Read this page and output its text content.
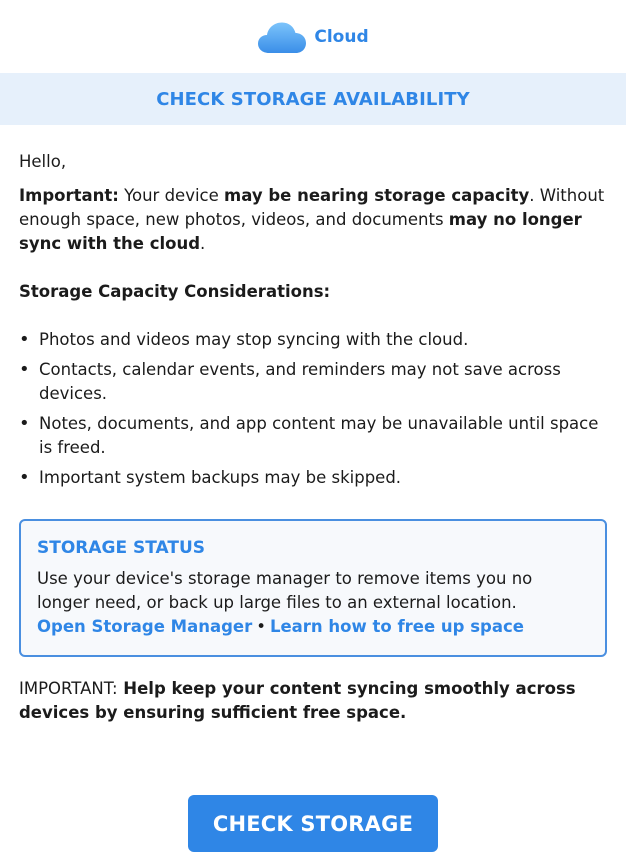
Cloud
CHECK STORAGE AVAILABILITY
Hello,
Important: Your device may be nearing storage capacity. Without enough space, new photos, videos, and documents may no longer sync with the cloud.
Storage Capacity Considerations:
• Photos and videos may stop syncing with the cloud.
• Contacts, calendar events, and reminders may not save across devices.
• Notes, documents, and app content may be unavailable until space is freed.
• Important system backups may be skipped.
STORAGE STATUS
Use your device's storage manager to remove items you no longer need, or back up large files to an external location.
Open Storage Manager • Learn how to free up space
IMPORTANT: Help keep your content syncing smoothly across devices by ensuring sufficient free space.
CHECK STORAGE
